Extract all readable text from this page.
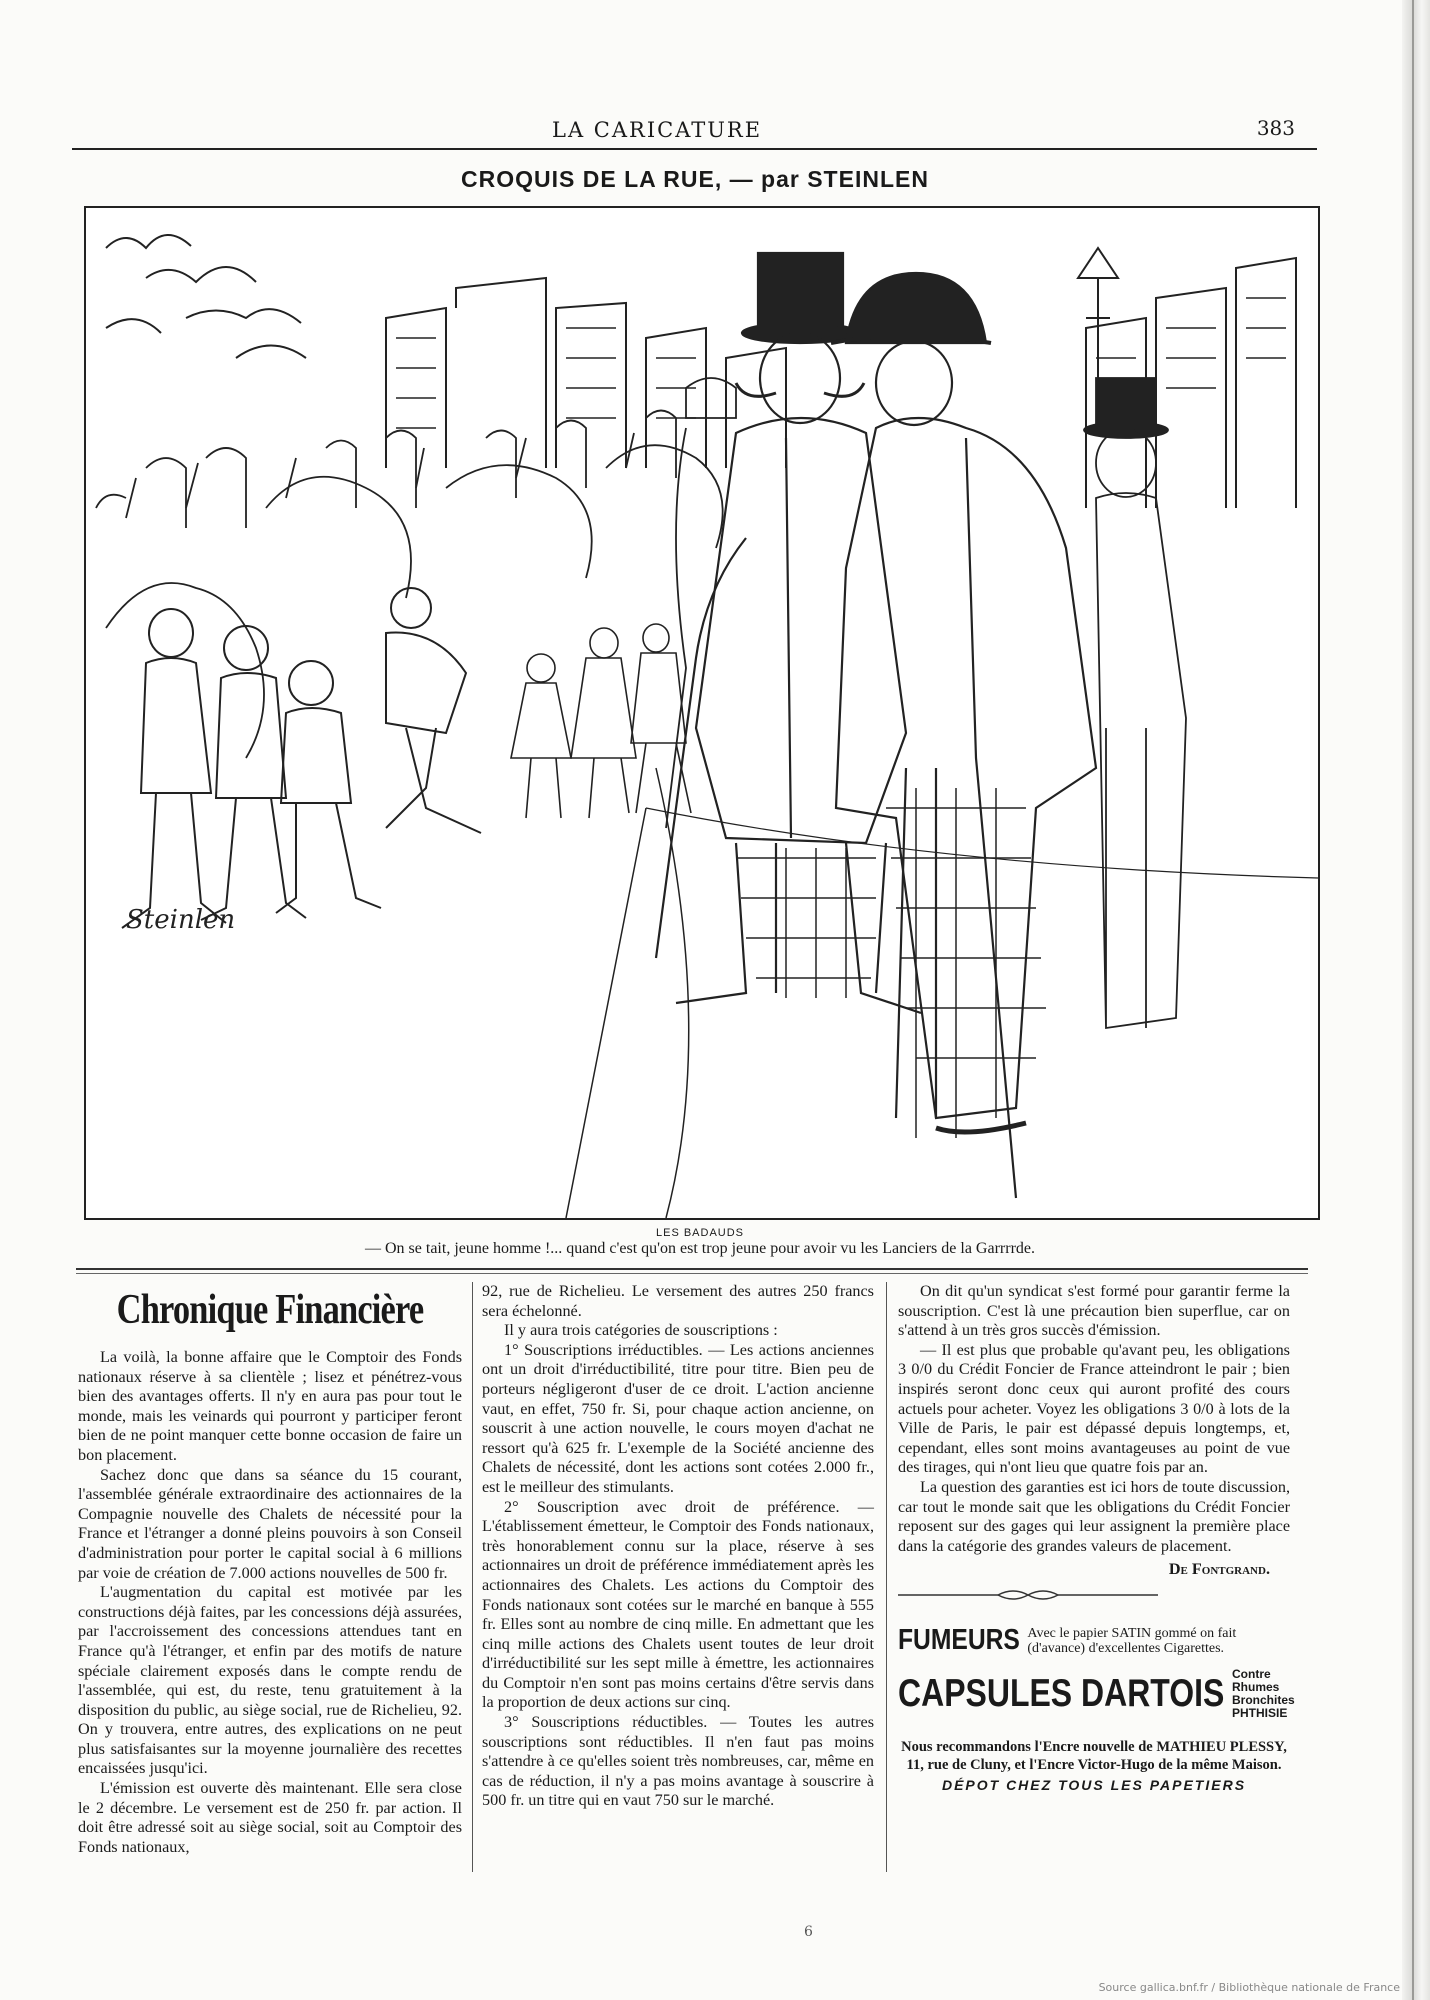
LA CARICATURE	383
CROQUIS DE LA RUE, — par STEINLEN
Steinlen
LES BADAUDS
— On se tait, jeune homme !... quand c'est qu'on est trop jeune pour avoir vu les Lanciers de la Garrrrde.
Chronique Financière

La voilà, la bonne affaire que le Comptoir des Fonds nationaux réserve à sa clientèle ; lisez et pénétrez-vous bien des avantages offerts. Il n'y en aura pas pour tout le monde, mais les veinards qui pourront y participer feront bien de ne point manquer cette bonne occasion de faire un bon placement.

Sachez donc que dans sa séance du 15 courant, l'assemblée générale extraordinaire des actionnaires de la Compagnie nouvelle des Chalets de nécessité pour la France et l'étranger a donné pleins pouvoirs à son Conseil d'administration pour porter le capital social à 6 millions par voie de création de 7.000 actions nouvelles de 500 fr.

L'augmentation du capital est motivée par les constructions déjà faites, par les concessions déjà assurées, par l'accroissement des concessions attendues tant en France qu'à l'étranger, et enfin par des motifs de nature spéciale clairement exposés dans le compte rendu de l'assemblée, qui est, du reste, tenu gratuitement à la disposition du public, au siège social, rue de Richelieu, 92. On y trouvera, entre autres, des explications on ne peut plus satisfaisantes sur la moyenne journalière des recettes encaissées jusqu'ici.

L'émission est ouverte dès maintenant. Elle sera close le 2 décembre. Le versement est de 250 fr. par action. Il doit être adressé soit au siège social, soit au Comptoir des Fonds nationaux,

92, rue de Richelieu. Le versement des autres 250 francs sera échelonné.

Il y aura trois catégories de souscriptions :

1° Souscriptions irréductibles. — Les actions anciennes ont un droit d'irréductibilité, titre pour titre. Bien peu de porteurs négligeront d'user de ce droit. L'action ancienne vaut, en effet, 750 fr. Si, pour chaque action ancienne, on souscrit à une action nouvelle, le cours moyen d'achat ne ressort qu'à 625 fr. L'exemple de la Société ancienne des Chalets de nécessité, dont les actions sont cotées 2.000 fr., est le meilleur des stimulants.

2° Souscription avec droit de préférence. — L'établissement émetteur, le Comptoir des Fonds nationaux, très honorablement connu sur la place, réserve à ses actionnaires un droit de préférence immédiatement après les actionnaires des Chalets. Les actions du Comptoir des Fonds nationaux sont cotées sur le marché en banque à 555 fr. Elles sont au nombre de cinq mille. En admettant que les cinq mille actions des Chalets usent toutes de leur droit d'irréductibilité sur les sept mille à émettre, les actionnaires du Comptoir n'en sont pas moins certains d'être servis dans la proportion de deux actions sur cinq.

3° Souscriptions réductibles. — Toutes les autres souscriptions sont réductibles. Il n'en faut pas moins s'attendre à ce qu'elles soient très nombreuses, car, même en cas de réduction, il n'y a pas moins avantage à souscrire à 500 fr. un titre qui en vaut 750 sur le marché.

On dit qu'un syndicat s'est formé pour garantir ferme la souscription. C'est là une précaution bien superflue, car on s'attend à un très gros succès d'émission.

— Il est plus que probable qu'avant peu, les obligations 3 0/0 du Crédit Foncier de France atteindront le pair ; bien inspirés seront donc ceux qui auront profité des cours actuels pour acheter. Voyez les obligations 3 0/0 à lots de la Ville de Paris, le pair est dépassé depuis longtemps, et, cependant, elles sont moins avantageuses au point de vue des tirages, qui n'ont lieu que quatre fois par an.

La question des garanties est ici hors de toute discussion, car tout le monde sait que les obligations du Crédit Foncier reposent sur des gages qui leur assignent la première place dans la catégorie des grandes valeurs de placement.

De Fontgrand.
FUMEURS Avec le papier SATIN gommé on fait
(d'avance) d'excellentes Cigarettes.
CAPSULES DARTOIS Contre Rhumes
Bronchites
PHTHISIE
Nous recommandons l'Encre nouvelle de MATHIEU PLESSY, 11, rue de Cluny, et l'Encre Victor-Hugo de la même Maison.
DÉPOT CHEZ TOUS LES PAPETIERS
6
Source gallica.bnf.fr / Bibliothèque nationale de France
